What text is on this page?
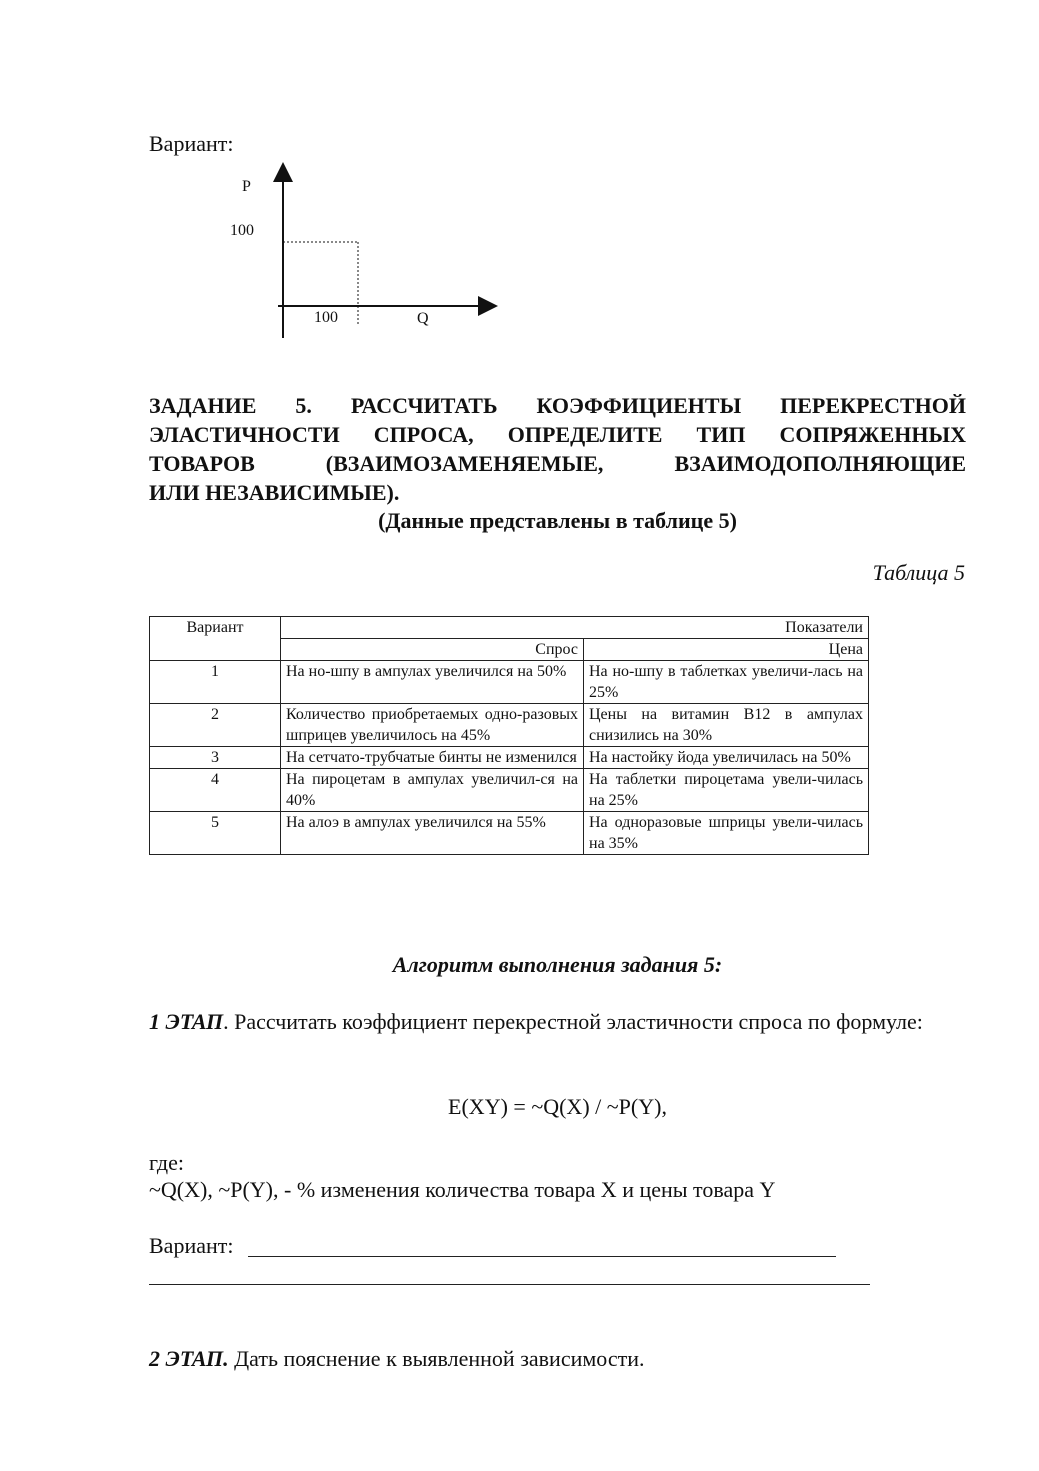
Вариант:
P
100
100	Q
ЗАДАНИЕ 5. РАССЧИТАТЬ КОЭФФИЦИЕНТЫ ПЕРЕКРЕСТНОЙ
ЭЛАСТИЧНОСТИ СПРОСА, ОПРЕДЕЛИТЕ ТИП СОПРЯЖЕННЫХ
ТОВАРОВ (ВЗАИМОЗАМЕНЯЕМЫЕ, ВЗАИМОДОПОЛНЯЮЩИЕ
ИЛИ НЕЗАВИСИМЫЕ).
(Данные представлены в таблице 5)
Таблица 5
Вариант	Показатели	
	Спрос	Цена
1	На но-шпу в ампулах увеличился на 50%	На но-шпу в таблетках увеличи-лась на 25%
2	Количество приобретаемых одно-разовых шприцев увеличилось на 45%	Цены на витамин В12 в ампулах снизились на 30%
3	На сетчато-трубчатые бинты не изменился	На настойку йода увеличилась на 50%
4	На пироцетам в ампулах увеличил-ся на 40%	На таблетки пироцетама увели-чилась на 25%
5	На алоэ в ампулах увеличился на 55%	На одноразовые шприцы увели-чилась на 35%
Алгоритм выполнения задания 5:
1 ЭТАП. Рассчитать коэффициент перекрестной эластичности спроса по формуле:
E(XY) = ~Q(X) / ~P(Y),
где:
~Q(X), ~P(Y), - % изменения количества товара X и цены товара Y
Вариант:
2 ЭТАП. Дать пояснение к выявленной зависимости.
